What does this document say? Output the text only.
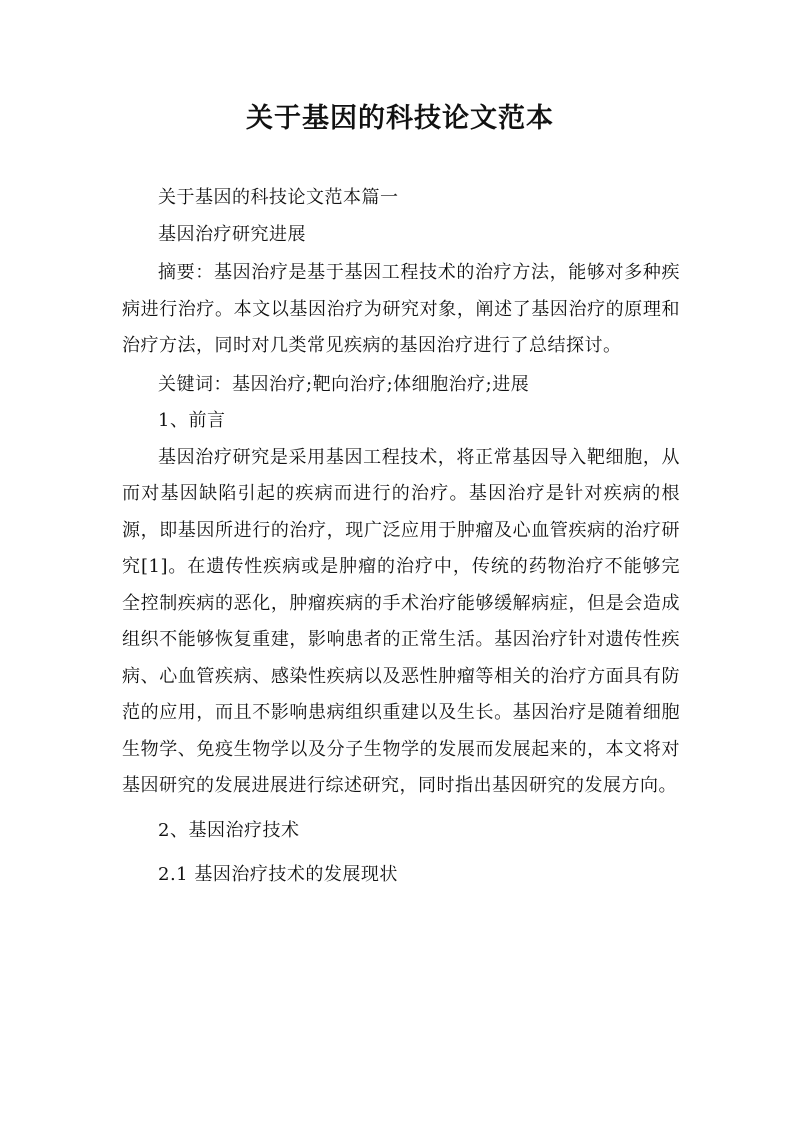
关于基因的科技论文范本

关于基因的科技论文范本篇一

基因治疗研究进展

摘要：基因治疗是基于基因工程技术的治疗方法，能够对多种疾病进行治疗。本文以基因治疗为研究对象，阐述了基因治疗的原理和治疗方法，同时对几类常见疾病的基因治疗进行了总结探讨。

关键词：基因治疗;靶向治疗;体细胞治疗;进展

1、前言

基因治疗研究是采用基因工程技术，将正常基因导入靶细胞，从而对基因缺陷引起的疾病而进行的治疗。基因治疗是针对疾病的根源，即基因所进行的治疗，现广泛应用于肿瘤及心血管疾病的治疗研究[1]。在遗传性疾病或是肿瘤的治疗中，传统的药物治疗不能够完全控制疾病的恶化，肿瘤疾病的手术治疗能够缓解病症，但是会造成组织不能够恢复重建，影响患者的正常生活。基因治疗针对遗传性疾病、心血管疾病、感染性疾病以及恶性肿瘤等相关的治疗方面具有防范的应用，而且不影响患病组织重建以及生长。基因治疗是随着细胞生物学、免疫生物学以及分子生物学的发展而发展起来的，本文将对基因研究的发展进展进行综述研究，同时指出基因研究的发展方向。

2、基因治疗技术

2.1 基因治疗技术的发展现状
